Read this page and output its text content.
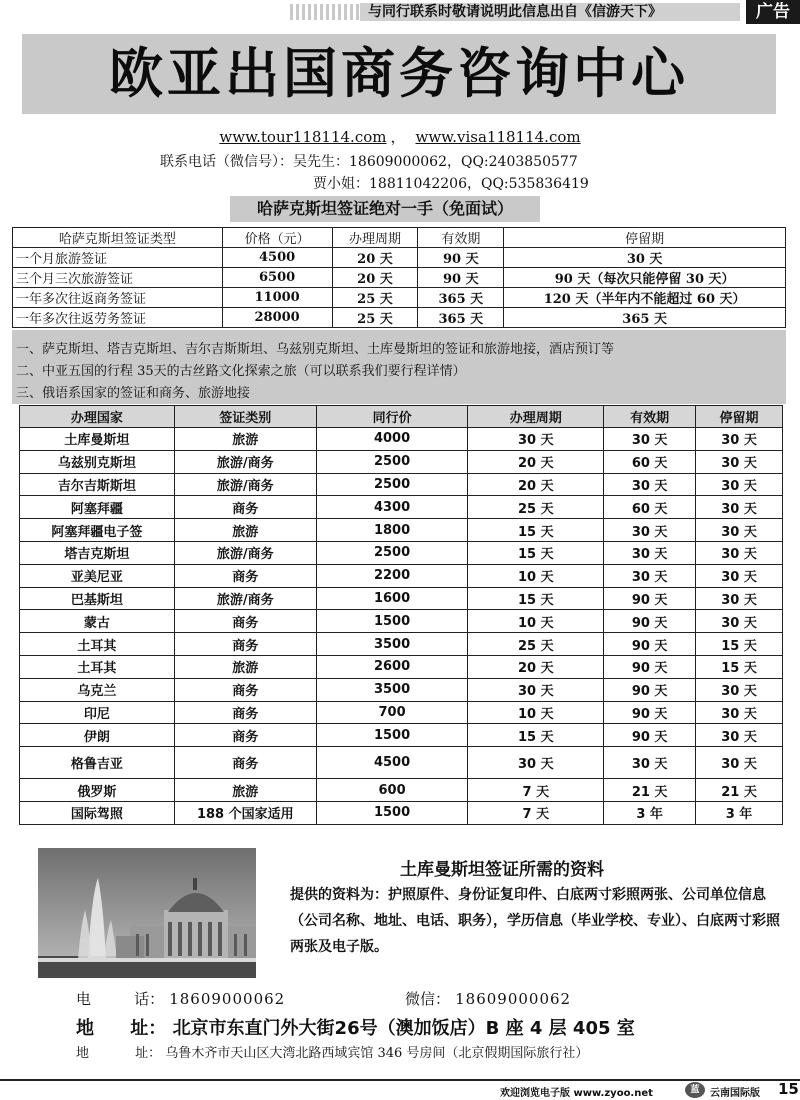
与同行联系时敬请说明此信息出自《信游天下》	广告
欧亚出国商务咨询中心
www.tour118114.com ， www.visa118114.com
联系电话（微信号）：吴先生：18609000062，QQ:2403850577
贾小姐：18811042206，QQ:535836419
哈萨克斯坦签证绝对一手（免面试）
哈萨克斯坦签证类型	价格（元）	办理周期	有效期	停留期
一个月旅游签证	4500	20 天	90 天	30 天
三个月三次旅游签证	6500	20 天	90 天	90 天（每次只能停留 30 天）
一年多次往返商务签证	11000	25 天	365 天	120 天（半年内不能超过 60 天）
一年多次往返劳务签证	28000	25 天	365 天	365 天
一、萨克斯坦、塔吉克斯坦、吉尔吉斯斯坦、乌兹别克斯坦、土库曼斯坦的签证和旅游地接，酒店预订等
二、中亚五国的行程 35天的古丝路文化探索之旅（可以联系我们要行程详情）
三、俄语系国家的签证和商务、旅游地接
办理国家	签证类别	同行价	办理周期	有效期	停留期
土库曼斯坦	旅游	4000	30 天	30 天	30 天
乌兹别克斯坦	旅游/商务	2500	20 天	60 天	30 天
吉尔吉斯斯坦	旅游/商务	2500	20 天	30 天	30 天
阿塞拜疆	商务	4300	25 天	60 天	30 天
阿塞拜疆电子签	旅游	1800	15 天	30 天	30 天
塔吉克斯坦	旅游/商务	2500	15 天	30 天	30 天
亚美尼亚	商务	2200	10 天	30 天	30 天
巴基斯坦	旅游/商务	1600	15 天	90 天	30 天
蒙古	商务	1500	10 天	90 天	30 天
土耳其	商务	3500	25 天	90 天	15 天
土耳其	旅游	2600	20 天	90 天	15 天
乌克兰	商务	3500	30 天	90 天	30 天
印尼	商务	700	10 天	90 天	30 天
伊朗	商务	1500	15 天	90 天	30 天
格鲁吉亚	商务	4500	30 天	30 天	30 天
俄罗斯	旅游	600	7 天	21 天	21 天
国际驾照	188 个国家适用	1500	7 天	3 年	3 年
土库曼斯坦签证所需的资料
提供的资料为：护照原件、身份证复印件、白底两寸彩照两张、公司单位信息（公司名称、地址、电话、职务），学历信息（毕业学校、专业）、白底两寸彩照两张及电子版。
电	话： 18609000062	微信： 18609000062
地 址： 北京市东直门外大街26号（澳加饭店）B 座 4 层 405 室
地	址： 乌鲁木齐市天山区大湾北路西域宾馆 346 号房间（北京假期国际旅行社）
欢迎浏览电子版 www.zyoo.net	蓝	云南国际版 15
